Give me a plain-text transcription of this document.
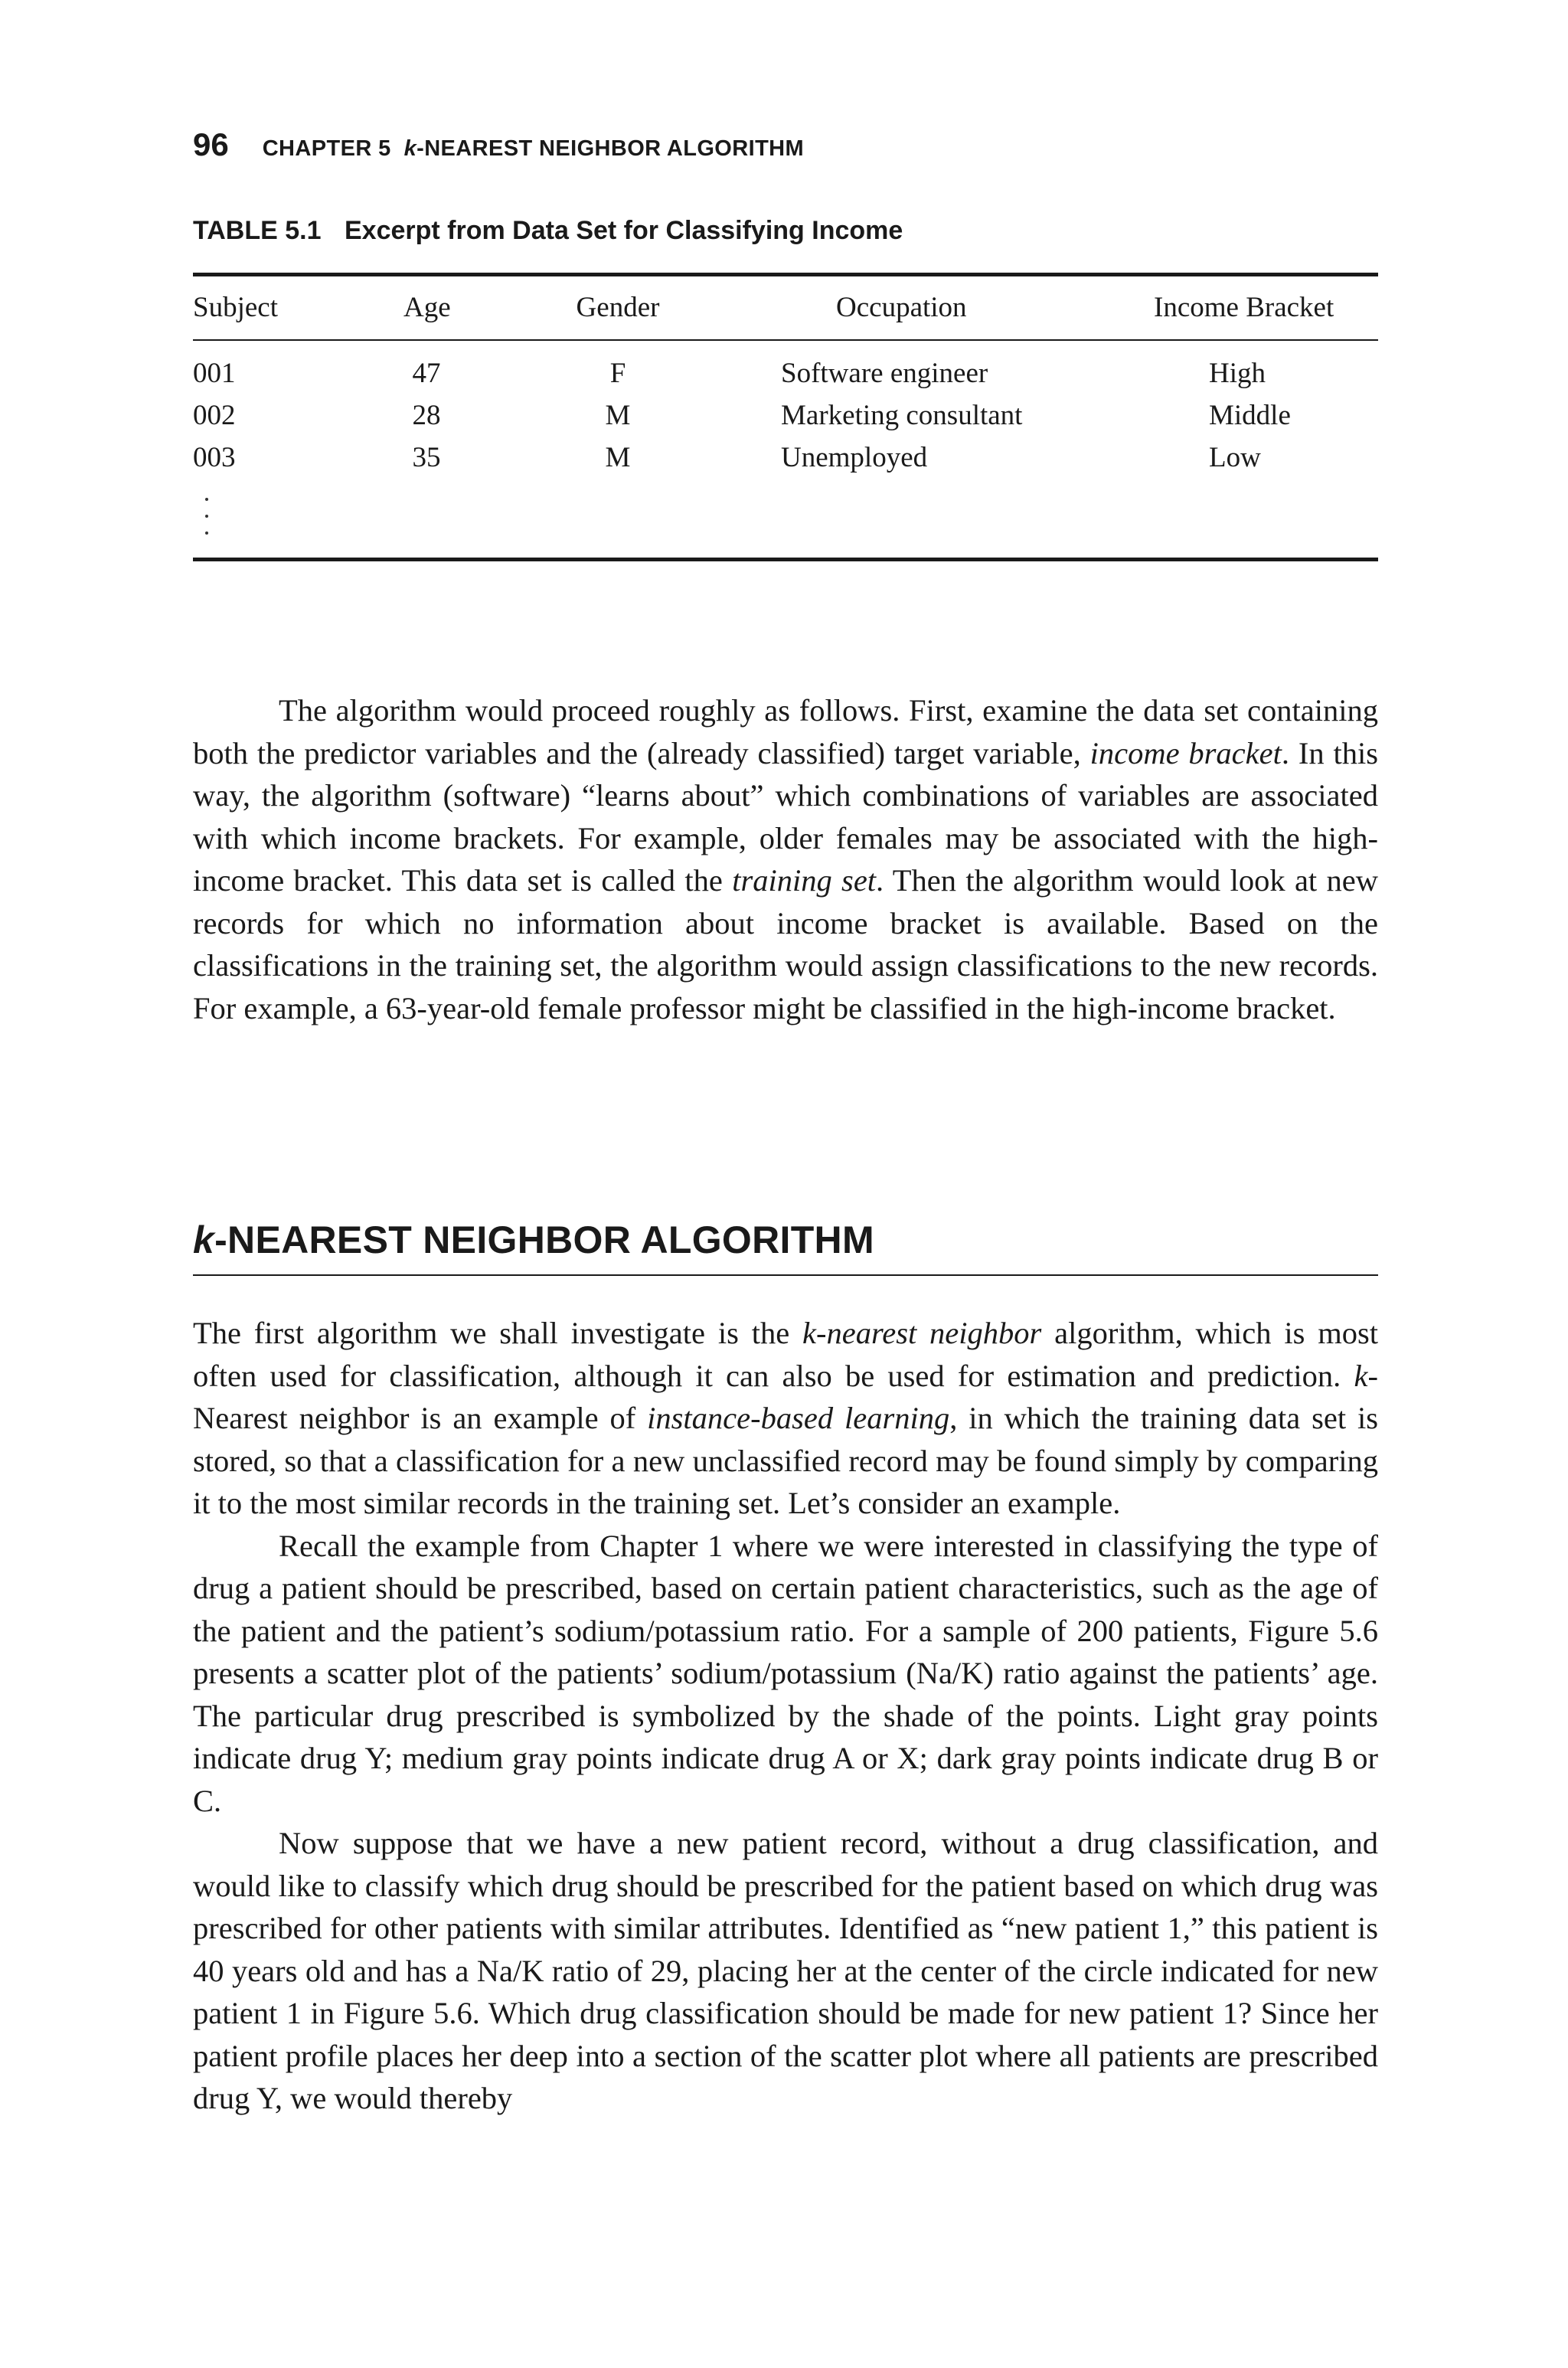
96 CHAPTER 5 k-NEAREST NEIGHBOR ALGORITHM
TABLE 5.1 Excerpt from Data Set for Classifying Income
Subject	Age	Gender	Occupation	Income Bracket
001	47	F	Software engineer	High
002	28	M	Marketing consultant	Middle
003	35	M	Unemployed	Low

The algorithm would proceed roughly as follows. First, examine the data set containing both the predictor variables and the (already classified) target variable, income bracket. In this way, the algorithm (software) “learns about” which combinations of variables are associated with which income brackets. For example, older females may be associated with the high-income bracket. This data set is called the training set. Then the algorithm would look at new records for which no information about income bracket is available. Based on the classifications in the training set, the algorithm would assign classifications to the new records. For example, a 63-year-old female professor might be classified in the high-income bracket.

k-NEAREST NEIGHBOR ALGORITHM

The first algorithm we shall investigate is the k-nearest neighbor algorithm, which is most often used for classification, although it can also be used for estimation and prediction. k-Nearest neighbor is an example of instance-based learning, in which the training data set is stored, so that a classification for a new unclassified record may be found simply by comparing it to the most similar records in the training set. Let’s consider an example.

Recall the example from Chapter 1 where we were interested in classifying the type of drug a patient should be prescribed, based on certain patient characteristics, such as the age of the patient and the patient’s sodium/potassium ratio. For a sample of 200 patients, Figure 5.6 presents a scatter plot of the patients’ sodium/potassium (Na/K) ratio against the patients’ age. The particular drug prescribed is symbolized by the shade of the points. Light gray points indicate drug Y; medium gray points indicate drug A or X; dark gray points indicate drug B or C.

Now suppose that we have a new patient record, without a drug classification, and would like to classify which drug should be prescribed for the patient based on which drug was prescribed for other patients with similar attributes. Identified as “new patient 1,” this patient is 40 years old and has a Na/K ratio of 29, placing her at the center of the circle indicated for new patient 1 in Figure 5.6. Which drug classification should be made for new patient 1? Since her patient profile places her deep into a section of the scatter plot where all patients are prescribed drug Y, we would thereby
